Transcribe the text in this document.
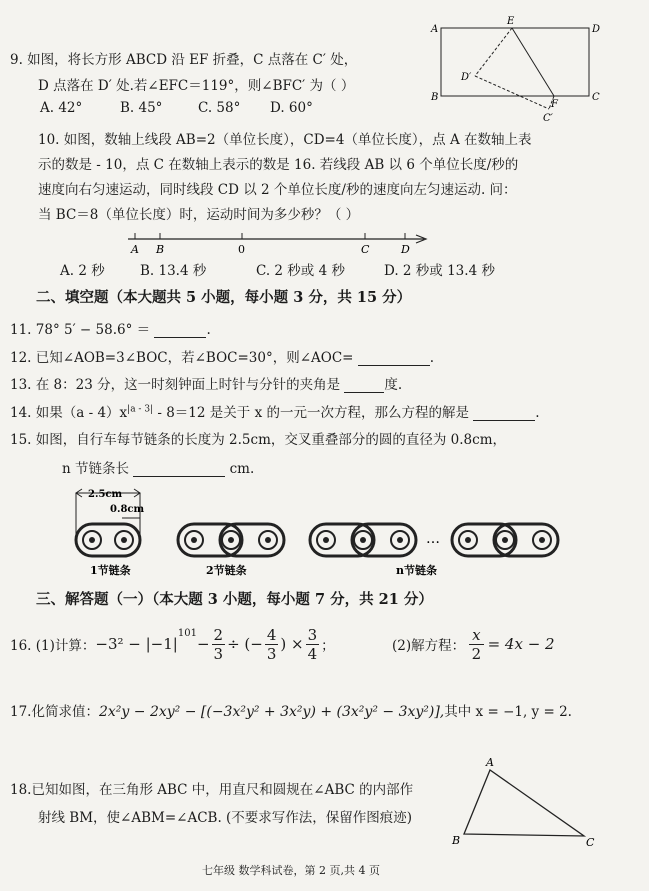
9. 如图，将长方形 ABCD 沿 EF 折叠，C 点落在 C′ 处，
D 点落在 D′ 处.若∠EFC＝119°，则∠BFC′ 为（ ）
A. 42°	B. 45°	C. 58° D. 60°
A
E
D
D′
B
F
C
C′
10. 如图，数轴上线段 AB=2（单位长度），CD=4（单位长度），点 A 在数轴上表
示的数是 - 10，点 C 在数轴上表示的数是 16. 若线段 AB 以 6 个单位长度/秒的
速度向右匀速运动，同时线段 CD 以 2 个单位长度/秒的速度向左匀速运动. 问：
当 BC＝8（单位长度）时，运动时间为多少秒？（ ）
A B	0	C	D
A. 2 秒	B. 13.4 秒	C. 2 秒或 4 秒	D. 2 秒或 13.4 秒
二、填空题（本大题共 5 小题，每小题 3 分，共 15 分）
11. 78° 5′ − 58.6° ＝	.
12. 已知∠AOB=3∠BOC，若∠BOC=30°，则∠AOC=	.
13. 在 8：23 分，这一时刻钟面上时针与分针的夹角是	度.
14. 如果$(a - 4)x^{|a - 3|} - 8=12$ 是关于 x 的一元一次方程，那么方程的解是	.
15. 如图，自行车每节链条的长度为 2.5cm，交叉重叠部分的圆的直径为 0.8cm，
n 节链条长	cm.
2.5cm
0.8cm
…
1节链条	2节链条	n节链条
三、解答题（一）（本大题 3 小题，每小题 7 分，共 21 分）
16. (1)计算： −3² − |−1|
$^{101}$
− $\frac{2}{3}$ ÷ (− $\frac{4}{3}$ ) × $\frac{3}{4}$ ；	(2)解方程： $\frac{x}{2} = 4x - 2$
17.化简求值：2x²y − 2xy² − [(−3x²y² + 3x²y) + (3x²y² − 3xy²)],其中 x = −1, y = 2.
18.已知如图，在三角形 ABC 中，用直尺和圆规在∠ABC 的内部作
射线 BM，使∠ABM=∠ACB. (不要求写作法，保留作图痕迹)
A
B	C
七年级 数学科试卷，第 2 页,共 4 页
